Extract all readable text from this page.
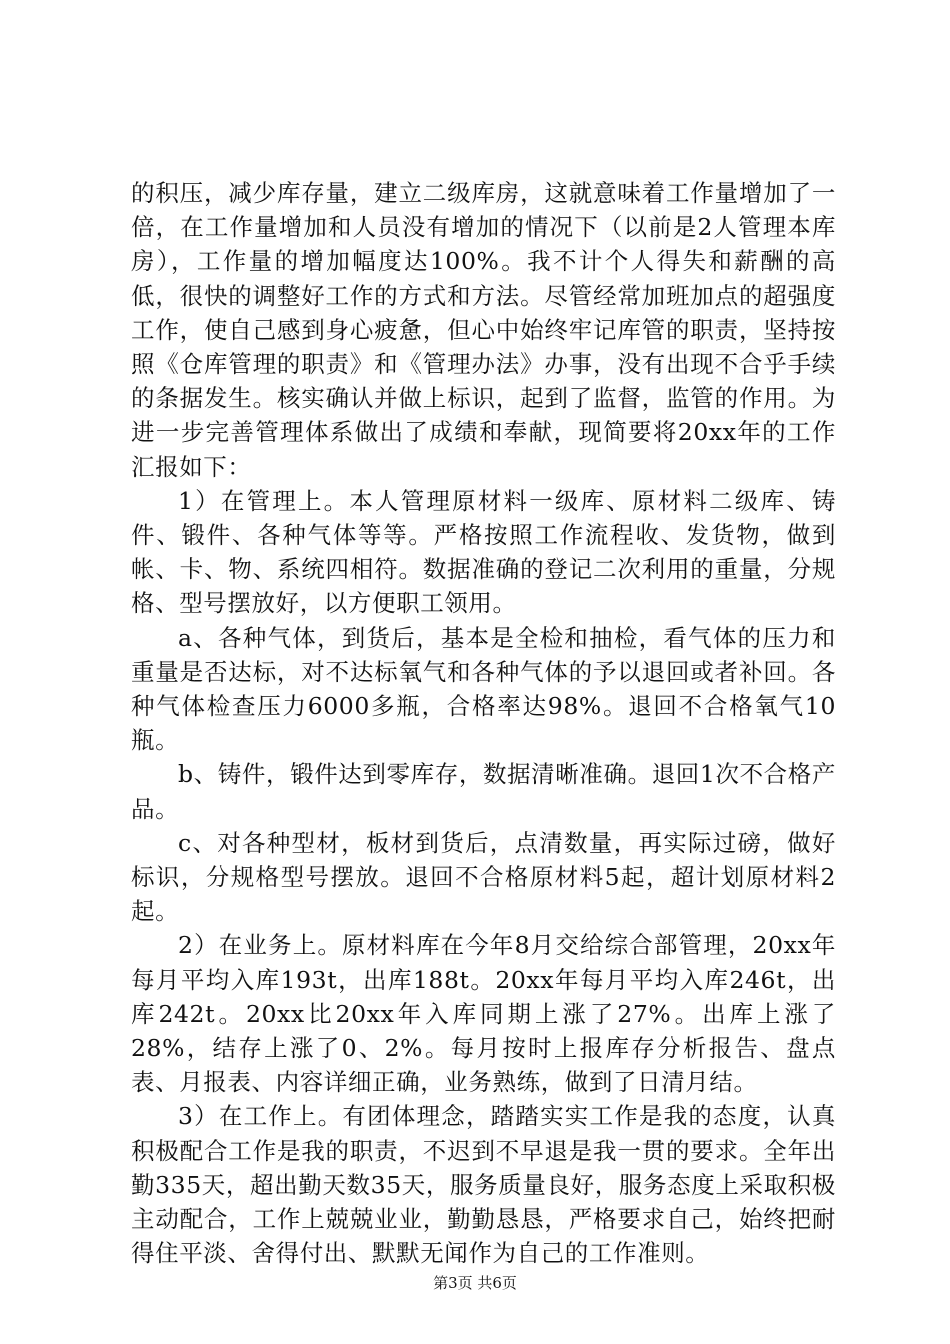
的积压，减少库存量，建立二级库房，这就意味着工作量增加了一倍，在工作量增加和人员没有增加的情况下（以前是2人管理本库房），工作量的增加幅度达100%。我不计个人得失和薪酬的高低，很快的调整好工作的方式和方法。尽管经常加班加点的超强度工作，使自己感到身心疲惫，但心中始终牢记库管的职责，坚持按照《仓库管理的职责》和《管理办法》办事，没有出现不合乎手续的条据发生。核实确认并做上标识，起到了监督，监管的作用。为进一步完善管理体系做出了成绩和奉献，现简要将20xx年的工作汇报如下：

1）在管理上。本人管理原材料一级库、原材料二级库、铸件、锻件、各种气体等等。严格按照工作流程收、发货物，做到帐、卡、物、系统四相符。数据准确的登记二次利用的重量，分规格、型号摆放好，以方便职工领用。

a、各种气体，到货后，基本是全检和抽检，看气体的压力和重量是否达标，对不达标氧气和各种气体的予以退回或者补回。各种气体检查压力6000多瓶，合格率达98%。退回不合格氧气10瓶。

b、铸件，锻件达到零库存，数据清晰准确。退回1次不合格产品。

c、对各种型材，板材到货后，点清数量，再实际过磅，做好标识，分规格型号摆放。退回不合格原材料5起，超计划原材料2起。

2）在业务上。原材料库在今年8月交给综合部管理，20xx年每月平均入库193t，出库188t。20xx年每月平均入库246t，出库242t。20xx比20xx年入库同期上涨了27%。出库上涨了28%，结存上涨了0、2%。每月按时上报库存分析报告、盘点表、月报表、内容详细正确，业务熟练，做到了日清月结。

3）在工作上。有团体理念，踏踏实实工作是我的态度，认真积极配合工作是我的职责，不迟到不早退是我一贯的要求。全年出勤335天，超出勤天数35天，服务质量良好，服务态度上采取积极主动配合，工作上兢兢业业，勤勤恳恳，严格要求自己，始终把耐得住平淡、舍得付出、默默无闻作为自己的工作准则。

第3页 共6页
